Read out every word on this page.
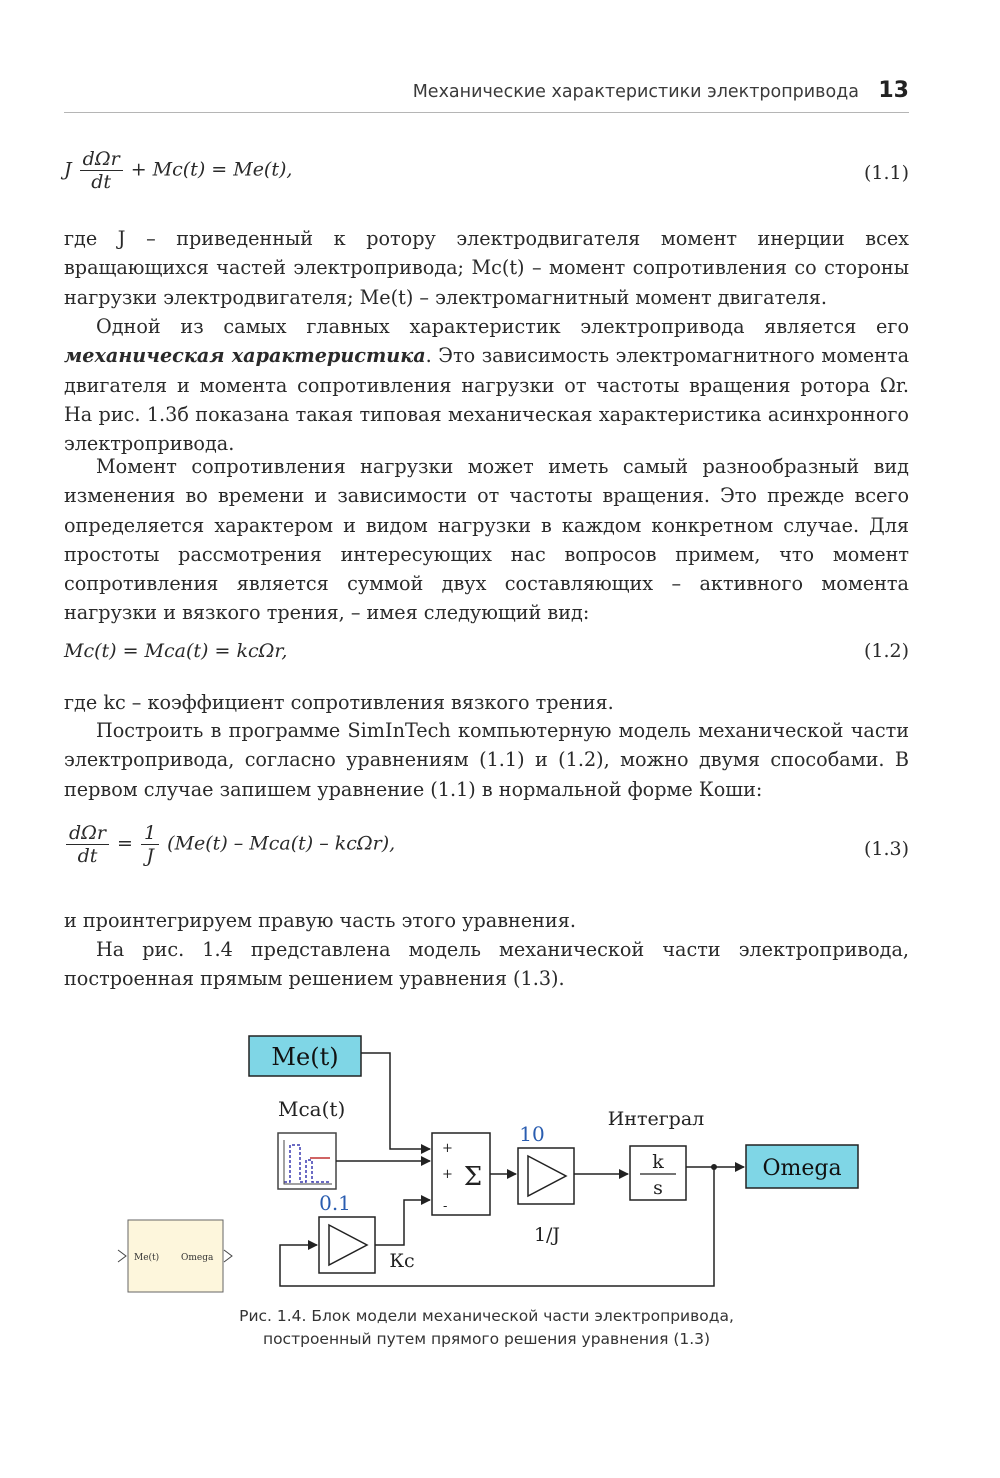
Механические характеристики электропривода 13
J $\frac{\text{dΩr}}{dt} + Mc(t) = Me(t)$,	(1.1)

где J – приведенный к ротору электродвигателя момент инерции всех вращающихся частей электропривода; Mc(t) – момент сопротивления со стороны нагрузки электродвигателя; Me(t) – электромагнитный момент двигателя.

Одной из самых главных характеристик электропривода является его механическая характеристика. Это зависимость электромагнитного момента двигателя и момента сопротивления нагрузки от частоты вращения ротора Ωr. На рис. 1.3б показана такая типовая механическая характеристика асинхронного электропривода.

Момент сопротивления нагрузки может иметь самый разнообразный вид изменения во времени и зависимости от частоты вращения. Это прежде всего определяется характером и видом нагрузки в каждом конкретном случае. Для простоты рассмотрения интересующих нас вопросов примем, что момент сопротивления является суммой двух составляющих – активного момента нагрузки и вязкого трения, – имея следующий вид:

Mc(t) = Mca(t) = kcΩr,	(1.2)

где kc – коэффициент сопротивления вязкого трения.

Построить в программе SimInTech компьютерную модель механической части электропривода, согласно уравнениям (1.1) и (1.2), можно двумя способами. В первом случае запишем уравнение (1.1) в нормальной форме Коши:

$\frac{\text{dΩr}}{dt} = \frac{1}{J} (Me(t) - Mca(t) - kc\Omega r)$,	(1.3)

и проинтегрируем правую часть этого уравнения.

На рис. 1.4 представлена модель механической части электропривода, построенная прямым решением уравнения (1.3).

Me(t)
Mca(t)
Σ
+
+
-
10
1/J
Интеграл
k
s
Omega
0.1
Кс
Me(t) Omega
Рис. 1.4. Блок модели механической части электропривода,
построенный путем прямого решения уравнения (1.3)
